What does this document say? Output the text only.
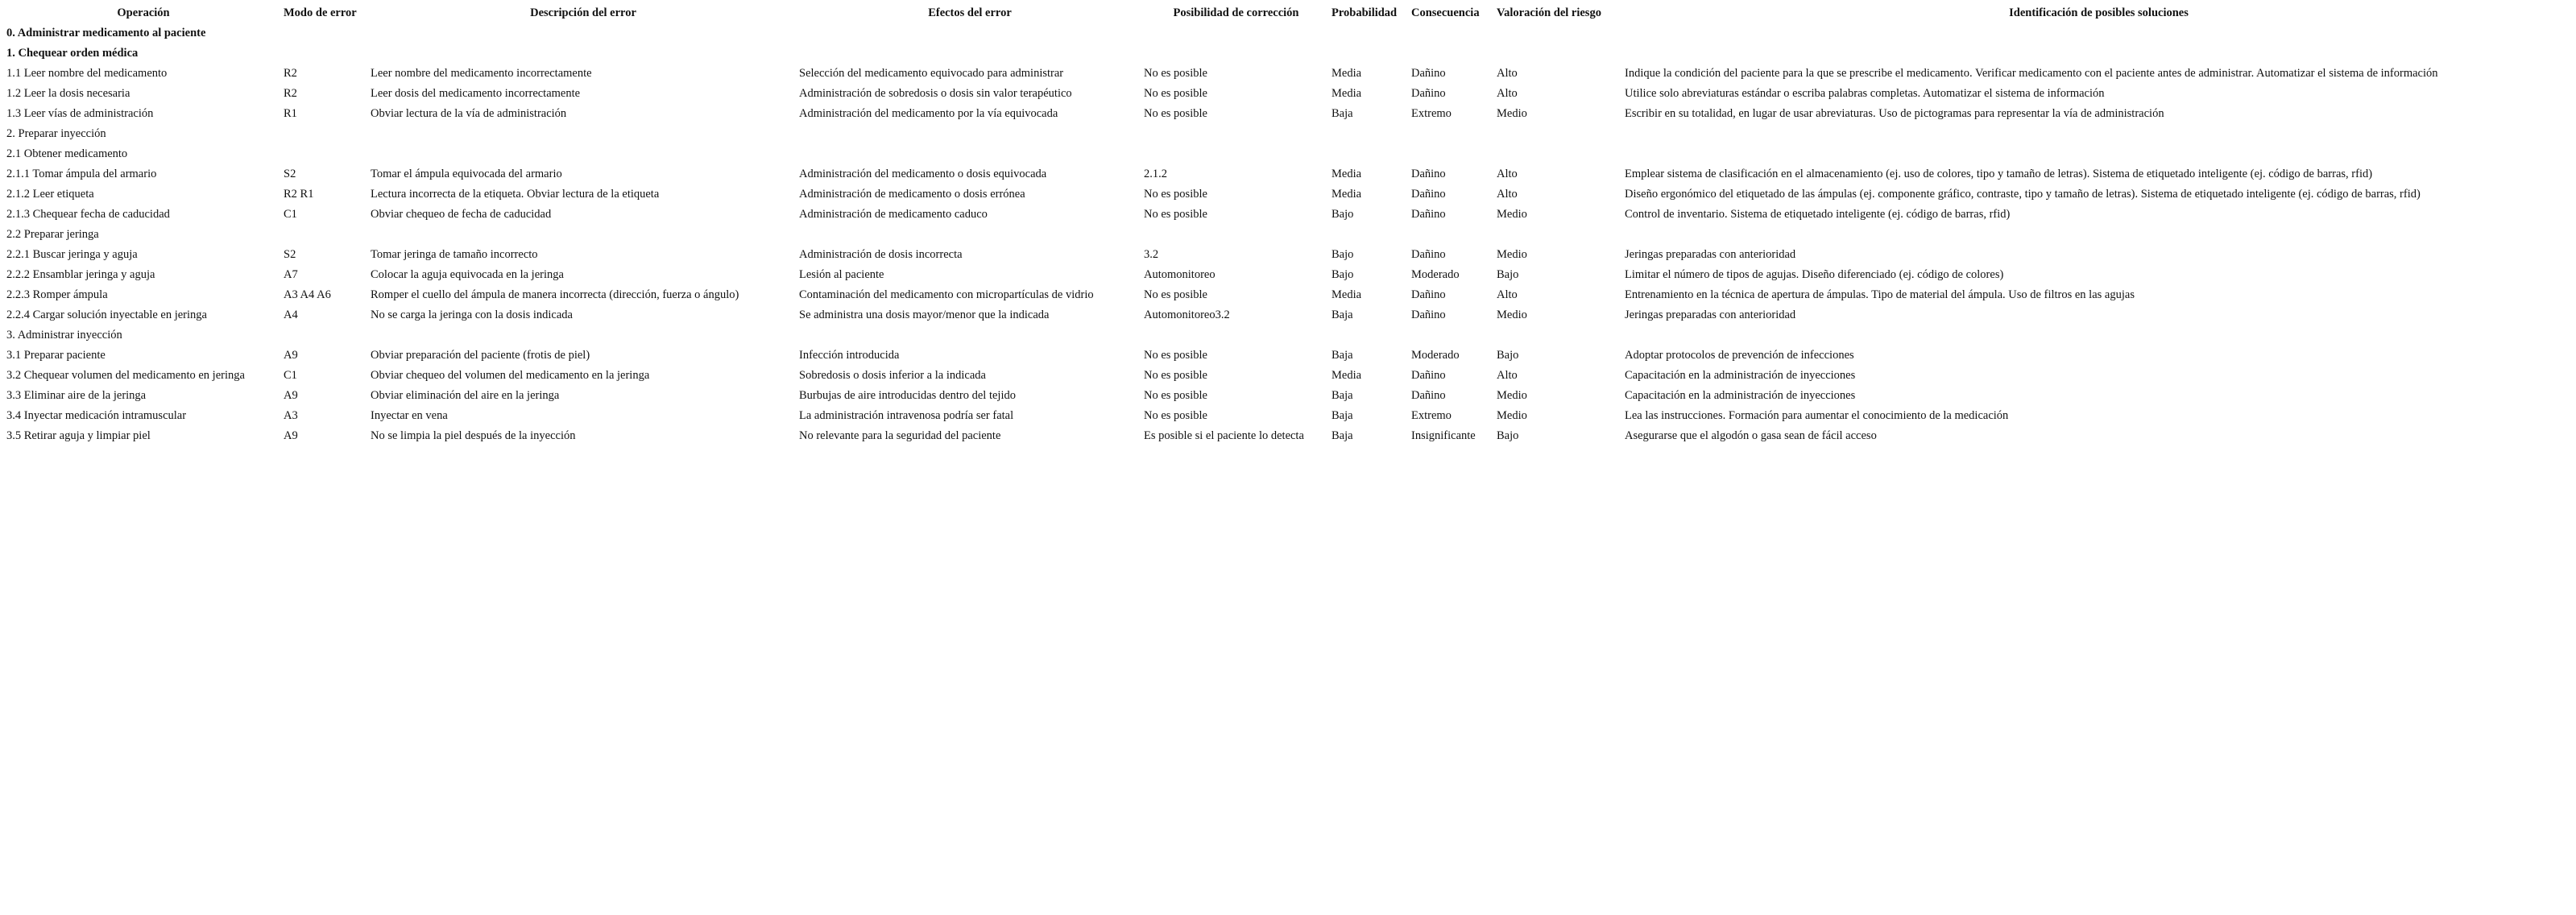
Operación	Modo de error	Descripción del error	Efectos del error	Posibilidad de corrección	Probabilidad	Consecuencia	Valoración del riesgo	Identificación de posibles soluciones
0. Administrar medicamento al paciente								
1. Chequear orden médica								
1.1 Leer nombre del medicamento	R2	Leer nombre del medicamento incorrectamente	Selección del medicamento equivocado para administrar	No es posible	Media	Dañino	Alto	Indique la condición del paciente para la que se prescribe el medicamento. Verificar medicamento con el paciente antes de administrar. Automatizar el sistema de información
1.2 Leer la dosis necesaria	R2	Leer dosis del medicamento incorrectamente	Administración de sobredosis o dosis sin valor terapéutico	No es posible	Media	Dañino	Alto	Utilice solo abreviaturas estándar o escriba palabras completas. Automatizar el sistema de información
1.3 Leer vías de administración	R1	Obviar lectura de la vía de administración	Administración del medicamento por la vía equivocada	No es posible	Baja	Extremo	Medio	Escribir en su totalidad, en lugar de usar abreviaturas. Uso de pictogramas para representar la vía de administración
2. Preparar inyección								
2.1 Obtener medicamento								
2.1.1 Tomar ámpula del armario	S2	Tomar el ámpula equivocada del armario	Administración del medicamento o dosis equivocada	2.1.2	Media	Dañino	Alto	Emplear sistema de clasificación en el almacenamiento (ej. uso de colores, tipo y tamaño de letras). Sistema de etiquetado inteligente (ej. código de barras, rfid)
2.1.2 Leer etiqueta	R2 R1	Lectura incorrecta de la etiqueta. Obviar lectura de la etiqueta	Administración de medicamento o dosis errónea	No es posible	Media	Dañino	Alto	Diseño ergonómico del etiquetado de las ámpulas (ej. componente gráfico, contraste, tipo y tamaño de letras). Sistema de etiquetado inteligente (ej. código de barras, rfid)
2.1.3 Chequear fecha de caducidad	C1	Obviar chequeo de fecha de caducidad	Administración de medicamento caduco	No es posible	Bajo	Dañino	Medio	Control de inventario. Sistema de etiquetado inteligente (ej. código de barras, rfid)
2.2 Preparar jeringa								
2.2.1 Buscar jeringa y aguja	S2	Tomar jeringa de tamaño incorrecto	Administración de dosis incorrecta	3.2	Bajo	Dañino	Medio	Jeringas preparadas con anterioridad
2.2.2 Ensamblar jeringa y aguja	A7	Colocar la aguja equivocada en la jeringa	Lesión al paciente	Automonitoreo	Bajo	Moderado	Bajo	Limitar el número de tipos de agujas. Diseño diferenciado (ej. código de colores)
2.2.3 Romper ámpula	A3 A4 A6	Romper el cuello del ámpula de manera incorrecta (dirección, fuerza o ángulo)	Contaminación del medicamento con micropartículas de vidrio	No es posible	Media	Dañino	Alto	Entrenamiento en la técnica de apertura de ámpulas. Tipo de material del ámpula. Uso de filtros en las agujas
2.2.4 Cargar solución inyectable en jeringa	A4	No se carga la jeringa con la dosis indicada	Se administra una dosis mayor/menor que la indicada	Automonitoreo3.2	Baja	Dañino	Medio	Jeringas preparadas con anterioridad
3. Administrar inyección								
3.1 Preparar paciente	A9	Obviar preparación del paciente (frotis de piel)	Infección introducida	No es posible	Baja	Moderado	Bajo	Adoptar protocolos de prevención de infecciones
3.2 Chequear volumen del medicamento en jeringa	C1	Obviar chequeo del volumen del medicamento en la jeringa	Sobredosis o dosis inferior a la indicada	No es posible	Media	Dañino	Alto	Capacitación en la administración de inyecciones
3.3 Eliminar aire de la jeringa	A9	Obviar eliminación del aire en la jeringa	Burbujas de aire introducidas dentro del tejido	No es posible	Baja	Dañino	Medio	Capacitación en la administración de inyecciones
3.4 Inyectar medicación intramuscular	A3	Inyectar en vena	La administración intravenosa podría ser fatal	No es posible	Baja	Extremo	Medio	Lea las instrucciones. Formación para aumentar el conocimiento de la medicación
3.5 Retirar aguja y limpiar piel	A9	No se limpia la piel después de la inyección	No relevante para la seguridad del paciente	Es posible si el paciente lo detecta	Baja	Insignificante	Bajo	Asegurarse que el algodón o gasa sean de fácil acceso
